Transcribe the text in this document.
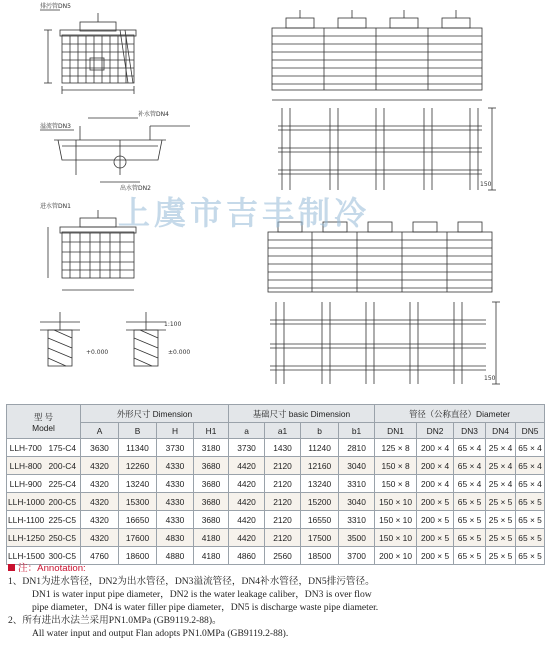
排污管DN5
补水管DN4
溢流管DN3
出水管DN2
进水管DN1
1:100
150
150
+0.000	±0.000
上虞市吉丰制冷
型 号
Model		外形尺寸 Dimension				基础尺寸 basic Dimension				管径（公称直径）Diameter				
		A	B	H	H1	a	a1	b	b1	DN1	DN2	DN3	DN4	DN5
LLH-700	175-C4	3630	11340	3730	3180	3730	1430	11240	2810	125 × 8	200 × 4	65 × 4	25 × 4	65 × 4
LLH-800	200-C4	4320	12260	4330	3680	4420	2120	12160	3040	150 × 8	200 × 4	65 × 4	25 × 4	65 × 4
LLH-900	225-C4	4320	13240	4330	3680	4420	2120	13240	3310	150 × 8	200 × 4	65 × 4	25 × 4	65 × 4
LLH-1000	200-C5	4320	15300	4330	3680	4420	2120	15200	3040	150 × 10	200 × 5	65 × 5	25 × 5	65 × 5
LLH-1100	225-C5	4320	16650	4330	3680	4420	2120	16550	3310	150 × 10	200 × 5	65 × 5	25 × 5	65 × 5
LLH-1250	250-C5	4320	17600	4830	4180	4420	2120	17500	3500	150 × 10	200 × 5	65 × 5	25 × 5	65 × 5
LLH-1500	300-C5	4760	18600	4880	4180	4860	2560	18500	3700	200 × 10	200 × 5	65 × 5	25 × 5	65 × 5
注：Annotation:
1、DN1为进水管径，DN2为出水管径，DN3溢流管径，DN4补水管径，DN5排污管径。
DN1 is water input pipe diameter，DN2 is the water leakage caliber，DN3 is over flow
pipe diameter，DN4 is water filler pipe diameter，DN5 is discharge waste pipe diameter.
2、所有进出水法兰采用PN1.0MPa (GB9119.2-88)。
All water input and output Flan adopts PN1.0MPa (GB9119.2-88).
